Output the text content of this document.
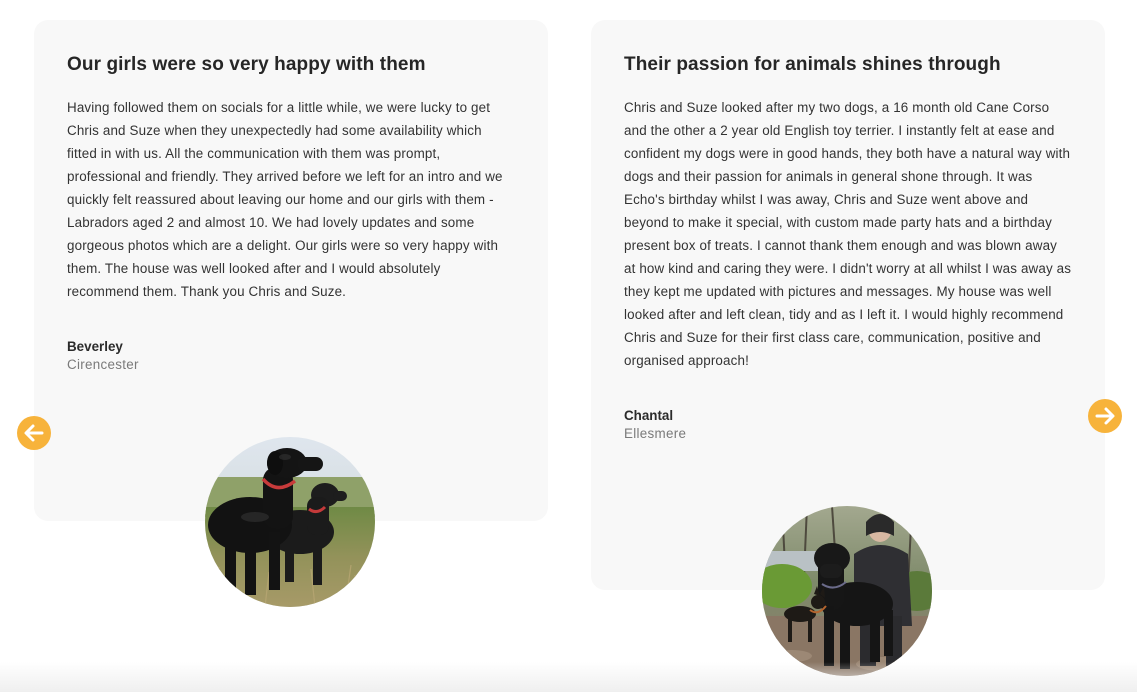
Our girls were so very happy with them

Having followed them on socials for a little while, we were lucky to get Chris and Suze when they unexpectedly had some availability which fitted in with us. All the communication with them was prompt, professional and friendly. They arrived before we left for an intro and we quickly felt reassured about leaving our home and our girls with them - Labradors aged 2 and almost 10. We had lovely updates and some gorgeous photos which are a delight. Our girls were so very happy with them. The house was well looked after and I would absolutely recommend them. Thank you Chris and Suze.

Beverley
Cirencester
Their passion for animals shines through

Chris and Suze looked after my two dogs, a 16 month old Cane Corso and the other a 2 year old English toy terrier. I instantly felt at ease and confident my dogs were in good hands, they both have a natural way with dogs and their passion for animals in general shone through. It was Echo's birthday whilst I was away, Chris and Suze went above and beyond to make it special, with custom made party hats and a birthday present box of treats. I cannot thank them enough and was blown away at how kind and caring they were. I didn't worry at all whilst I was away as they kept me updated with pictures and messages. My house was well looked after and left clean, tidy and as I left it. I would highly recommend Chris and Suze for their first class care, communication, positive and organised approach!

Chantal
Ellesmere
